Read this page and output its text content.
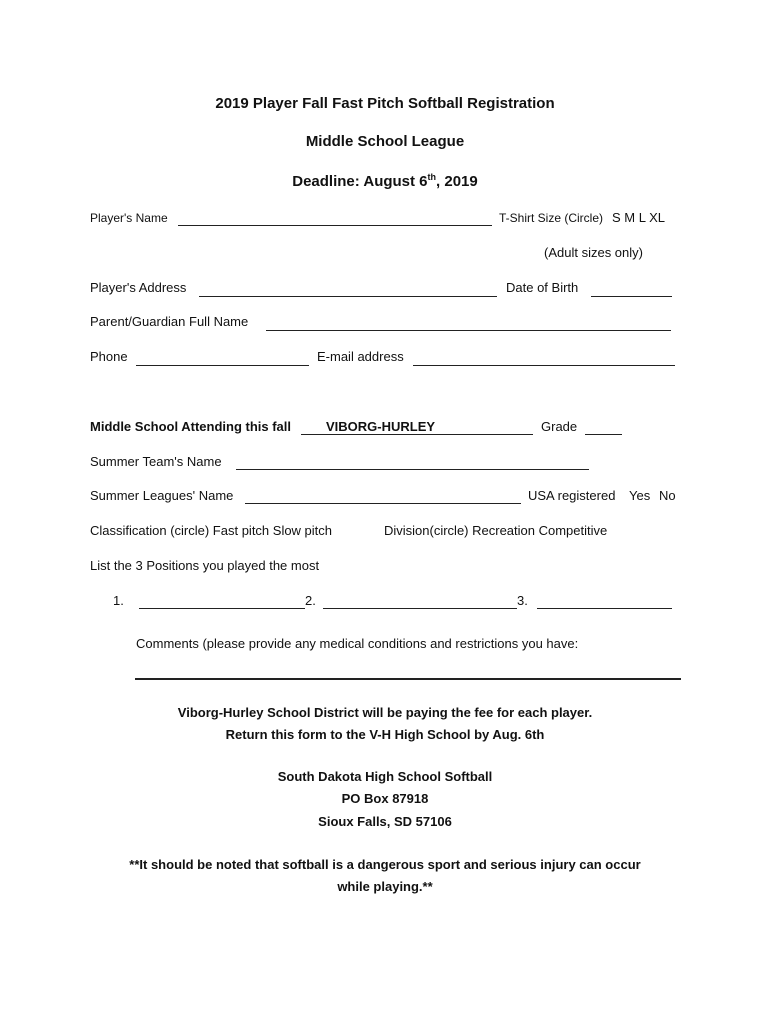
2019 Player Fall Fast Pitch Softball Registration
Middle School League
Deadline: August 6th, 2019
Player's Name	T-Shirt Size (Circle) S M L XL
(Adult sizes only)
Player's Address	Date of Birth
Parent/Guardian Full Name
Phone	E-mail address
Middle School Attending this fall	VIBORG-HURLEY	Grade
Summer Team's Name
Summer Leagues' Name	USA registered Yes No
Classification (circle) Fast pitch Slow pitch	Division(circle) Recreation Competitive
List the 3 Positions you played the most
1.	2.	3.
Comments (please provide any medical conditions and restrictions you have:
Viborg-Hurley School District will be paying the fee for each player.
Return this form to the V-H High School by Aug. 6th
South Dakota High School Softball
PO Box 87918
Sioux Falls, SD 57106
**It should be noted that softball is a dangerous sport and serious injury can occur
while playing.**
